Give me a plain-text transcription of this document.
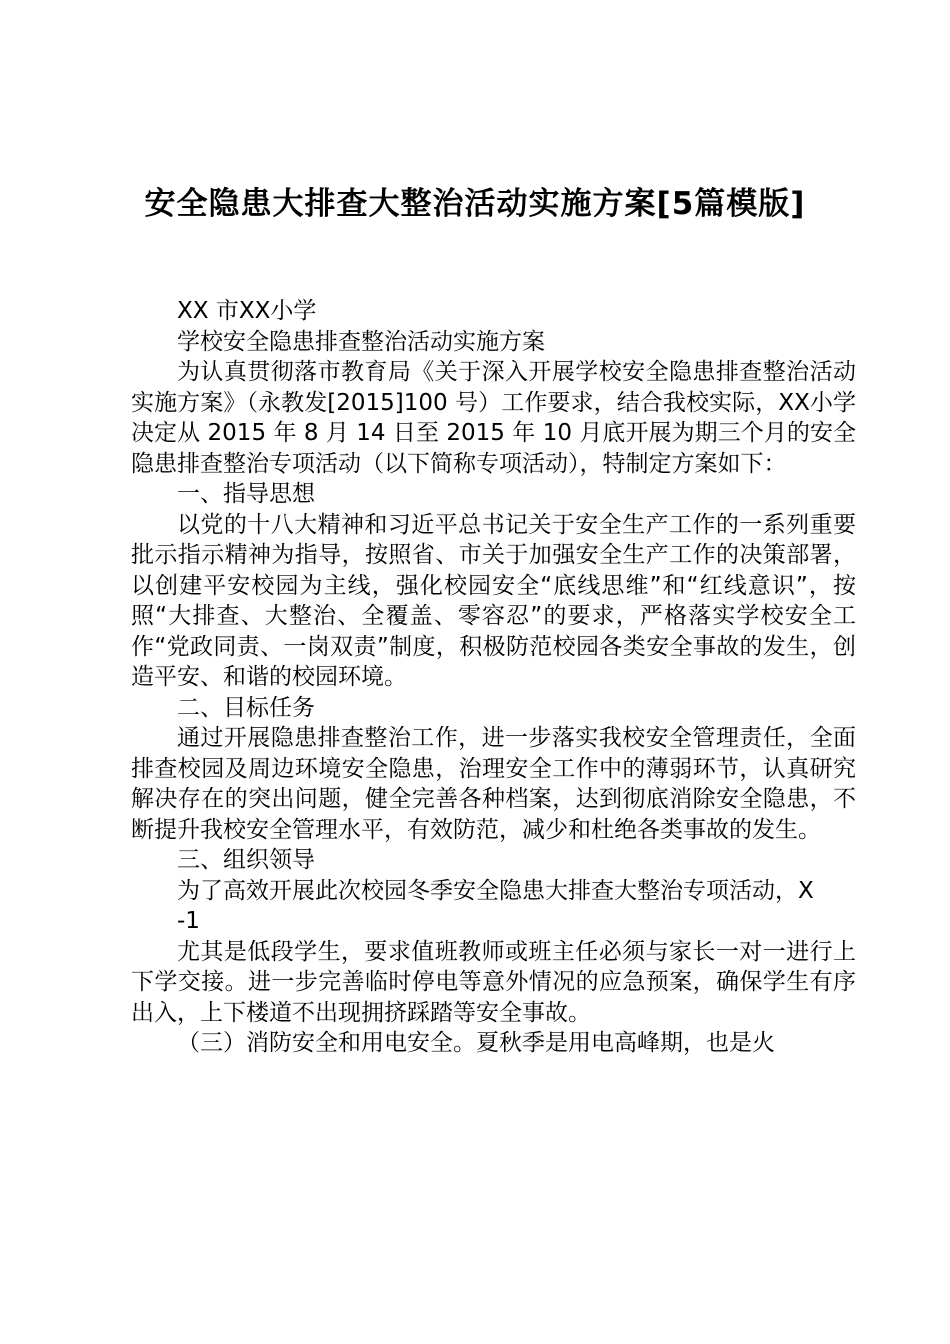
安全隐患大排查大整治活动实施方案[5篇模版]

XX 市XX小学

学校安全隐患排查整治活动实施方案

为认真贯彻落市教育局《关于深入开展学校安全隐患排查整治活动实施方案》（永教发[2015]100 号）工作要求，结合我校实际，XX小学决定从 2015 年 8 月 14 日至 2015 年 10 月底开展为期三个月的安全隐患排查整治专项活动（以下简称专项活动），特制定方案如下：

一、指导思想

以党的十八大精神和习近平总书记关于安全生产工作的一系列重要批示指示精神为指导，按照省、市关于加强安全生产工作的决策部署，以创建平安校园为主线，强化校园安全“底线思维”和“红线意识”，按照“大排查、大整治、全覆盖、零容忍”的要求，严格落实学校安全工作“党政同责、一岗双责”制度，积极防范校园各类安全事故的发生，创造平安、和谐的校园环境。

二、目标任务

通过开展隐患排查整治工作，进一步落实我校安全管理责任，全面排查校园及周边环境安全隐患，治理安全工作中的薄弱环节，认真研究解决存在的突出问题，健全完善各种档案，达到彻底消除安全隐患，不断提升我校安全管理水平，有效防范，减少和杜绝各类事故的发生。

三、组织领导

为了高效开展此次校园冬季安全隐患大排查大整治专项活动，X

-1

尤其是低段学生，要求值班教师或班主任必须与家长一对一进行上下学交接。进一步完善临时停电等意外情况的应急预案，确保学生有序出入，上下楼道不出现拥挤踩踏等安全事故。

（三）消防安全和用电安全。夏秋季是用电高峰期，也是火
